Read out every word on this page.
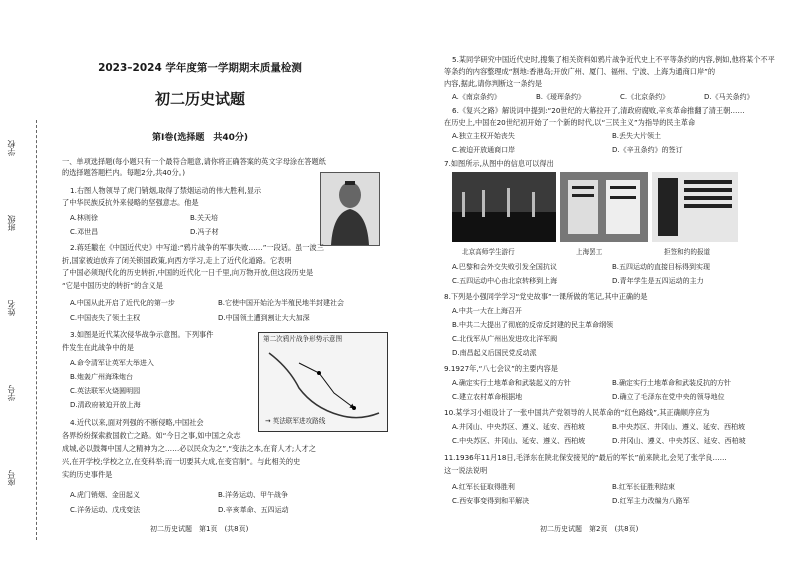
学校
班级
姓名
学号
座号
2023–2024 学年度第一学期期末质量检测
初二历史试题
第Ⅰ卷(选择题　共40分)
一、单项选择题(每小题只有一个最符合题意,请你将正确答案的英文字母涂在答题纸
的选择题答题栏内。每题2分,共40分。)
1.右图人物领导了虎门销烟,取得了禁烟运动的伟大胜利,显示
了中华民族反抗外来侵略的坚强意志。他是
A.林则徐	B.关天培
C.邓世昌	D.冯子材
2.蒋廷黻在《中国近代史》中写道:“鸦片战争的军事失败……”一段话。虽一波三
折,国家被迫放弃了闭关锁国政策,向西方学习,走上了近代化道路。它表明
了中国必须现代化的历史转折,中国的近代化一日千里,向万物开放,但这段历史是
“它是中国历史的转折”的含义是
A.中国从此开启了近代化的第一步	B.它使中国开始沦为半殖民地半封建社会
C.中国丧失了领土主权	D.中国领土遭到割让大大加深
3.如图是近代某次侵华战争示意图。下列事件
件发生在此战争中的是
A.命令清军让英军大举进入
B.炮轰广州海珠炮台
C.英法联军火烧圆明园
D.清政府被迫开放上海
第二次鸦片战争形势示意图
→ 英法联军进攻路线
4.近代以来,面对列强的不断侵略,中国社会
各界纷纷探索救国救亡之路。如“今日之事,如中国之众志
成城,必以鼓舞中国人之精神为之……必以民众为之”,“变法之本,在育人才;人才之
兴,在开学校;学校之立,在变科举;而一切要其大成,在变官制”。与此相关的史
实的历史事件是
A.虎门销烟、金田起义	B.洋务运动、甲午战争
C.洋务运动、戊戌变法	D.辛亥革命、五四运动
初二历史试题　第1页　(共8页)
5.某同学研究中国近代史时,搜集了相关资料如鸦片战争近代史上不平等条约的内容,例如,他将某个不平
等条约的内容整理成“割地:香港岛;开放广州、厦门、福州、宁波、上海为通商口岸”的
内容,据此,请你判断这一条约是
A.《南京条约》	B.《瑷珲条约》	C.《北京条约》	D.《马关条约》
6.《复兴之路》解说词中提到:“20世纪的大幕拉开了,清政府腐败,辛亥革命推翻了清王朝……
在历史上,中国在20世纪初开始了一个新的时代,以“三民主义”为指导的民主革命
A.独立主权开始丧失	B.丢失大片领土
C.被迫开放通商口岸	D.《辛丑条约》的签订
7.如图所示,从图中的信息可以得出
北京高师学生游行	上海罢工	拒签和约的报道
A.巴黎和会外交失败引发全国抗议	B.五四运动的直接目标得到实现
C.五四运动中心由北京转移到上海	D.青年学生是五四运动的主力
8.下列是小强同学学习“党史故事”一课所做的笔记,其中正确的是
A.中共一大在上海召开
B.中共二大提出了彻底的反帝反封建的民主革命纲领
C.北伐军从广州出发进攻北洋军阀
D.南昌起义后国民党反动派
9.1927年,“八七会议”的主要内容是
A.确定实行土地革命和武装起义的方针	B.确定实行土地革命和武装反抗的方针
C.建立农村革命根据地	D.确立了毛泽东在党中央的领导地位
10.某学习小组设计了一张中国共产党领导的人民革命的“红色路线”,其正确顺序应为
A.井冈山、中央苏区、遵义、延安、西柏坡	B.中央苏区、井冈山、遵义、延安、西柏坡
C.中央苏区、井冈山、延安、遵义、西柏坡	D.井冈山、遵义、中央苏区、延安、西柏坡
11.1936年11月18日,毛泽东在陕北保安接见的“最后的军长”前来陕北,会见了张学良……
这一说法说明
A.红军长征取得胜利	B.红军长征胜利结束
C.西安事变得到和平解决	D.红军主力改编为八路军
初二历史试题　第2页　(共8页)
